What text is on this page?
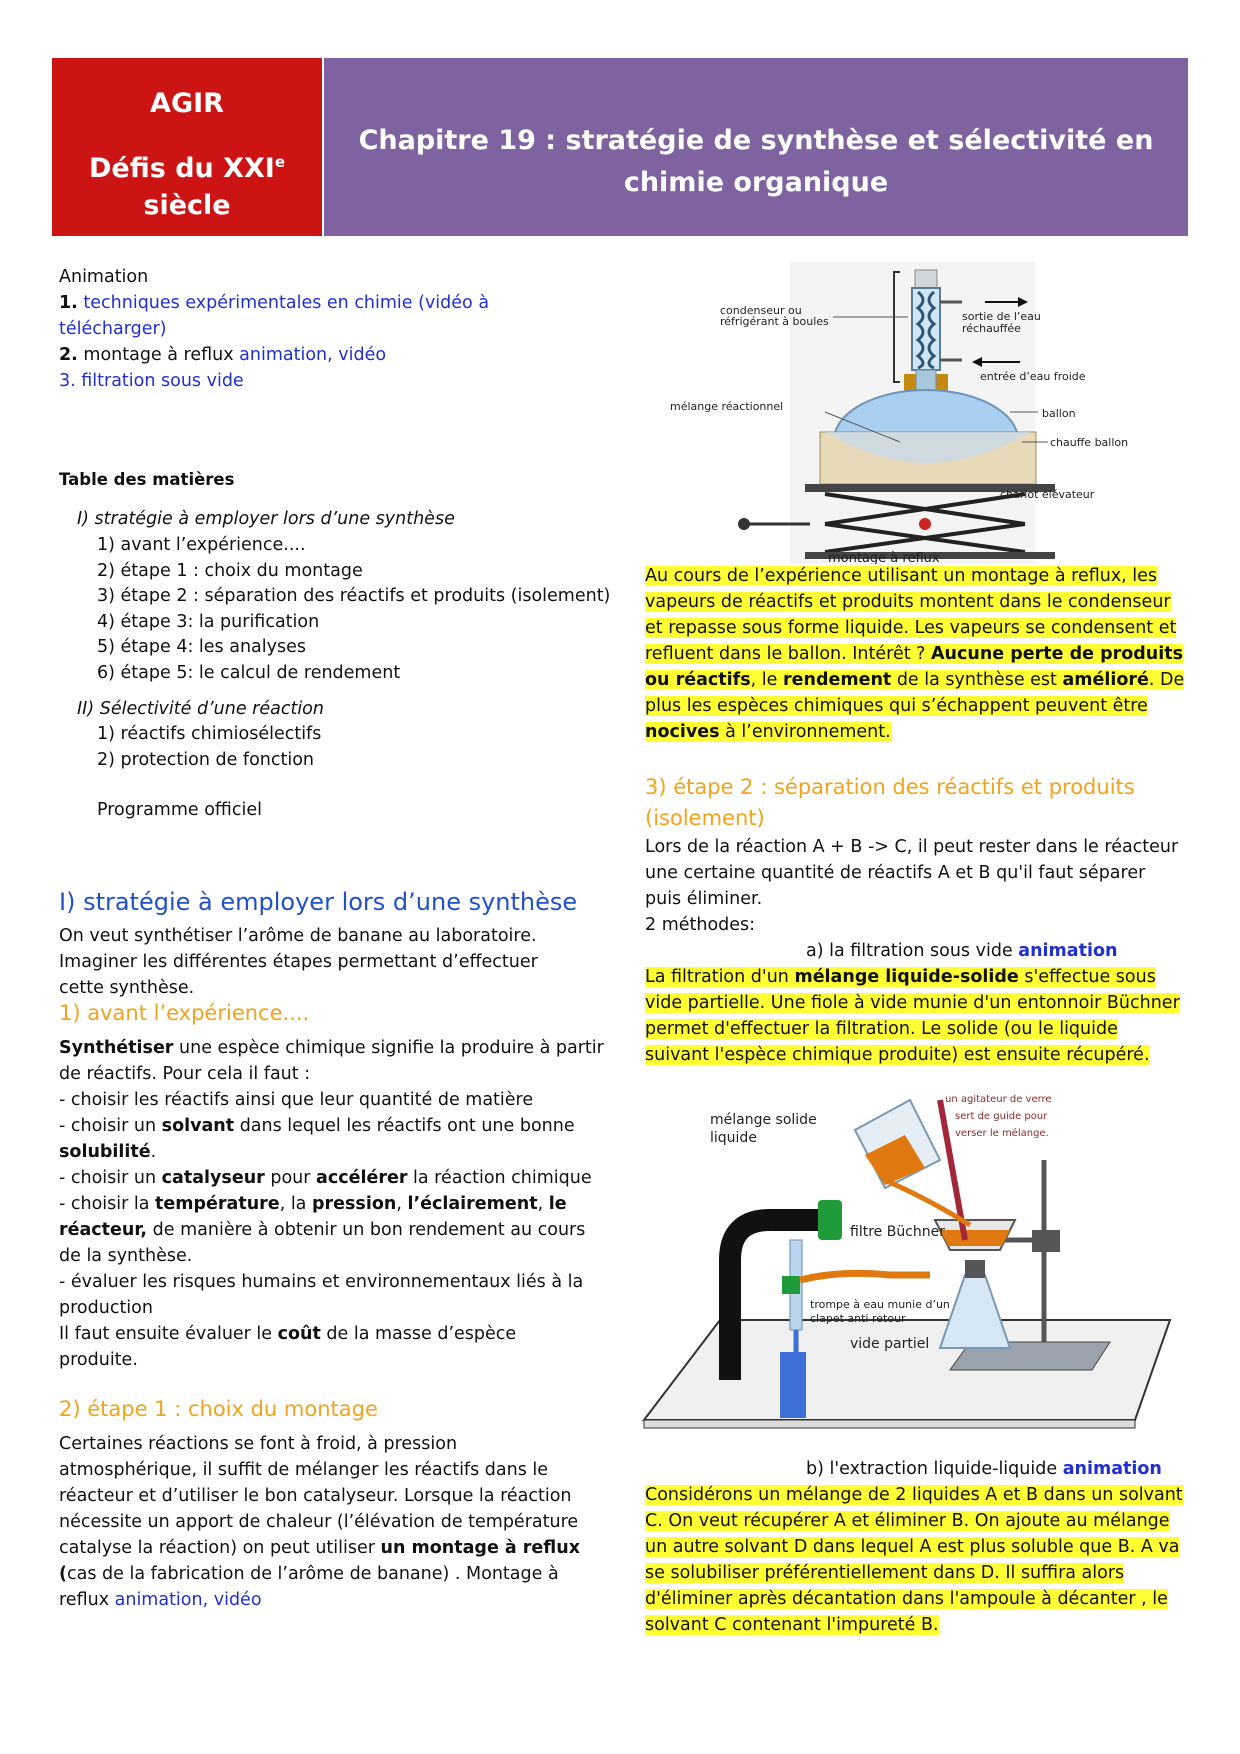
AGIR
Défis du XXIe
siècle
Chapitre 19 : stratégie de synthèse et sélectivité en
chimie organique
Animation
1. techniques expérimentales en chimie (vidéo à
télécharger)
2. montage à reflux animation, vidéo
3. filtration sous vide
Table des matières
I) stratégie à employer lors d’une synthèse
1) avant l’expérience....
2) étape 1 : choix du montage
3) étape 2 : séparation des réactifs et produits (isolement)
4) étape 3: la purification
5) étape 4: les analyses
6) étape 5: le calcul de rendement
II) Sélectivité d’une réaction
1) réactifs chimiosélectifs
2) protection de fonction
Programme officiel
I) stratégie à employer lors d’une synthèse
On veut synthétiser l’arôme de banane au laboratoire.
Imaginer les différentes étapes permettant d’effectuer
cette synthèse.
1) avant l’expérience....
Synthétiser une espèce chimique signifie la produire à partir
de réactifs. Pour cela il faut :
- choisir les réactifs ainsi que leur quantité de matière
- choisir un solvant dans lequel les réactifs ont une bonne
solubilité.
- choisir un catalyseur pour accélérer la réaction chimique
- choisir la température, la pression, l’éclairement, le
réacteur, de manière à obtenir un bon rendement au cours
de la synthèse.
- évaluer les risques humains et environnementaux liés à la
production
Il faut ensuite évaluer le coût de la masse d’espèce
produite.
2) étape 1 : choix du montage
Certaines réactions se font à froid, à pression
atmosphérique, il suffit de mélanger les réactifs dans le
réacteur et d’utiliser le bon catalyseur. Lorsque la réaction
nécessite un apport de chaleur (l’élévation de température
catalyse la réaction) on peut utiliser un montage à reflux
(cas de la fabrication de l’arôme de banane) . Montage à
reflux animation, vidéo
condenseur ou
réfrigérant à boules	sortie de l’eau
réchauffée
entrée d’eau froide
mélange réactionnel
ballon
chauffe ballon
chariot élévateur
montage à reflux
Au cours de l’expérience utilisant un montage à reflux, les
vapeurs de réactifs et produits montent dans le condenseur
et repasse sous forme liquide. Les vapeurs se condensent et
refluent dans le ballon. Intérêt ? Aucune perte de produits
ou réactifs, le rendement de la synthèse est amélioré. De
plus les espèces chimiques qui s’échappent peuvent être
nocives à l’environnement.
3) étape 2 : séparation des réactifs et produits
(isolement)
Lors de la réaction A + B -> C, il peut rester dans le réacteur
une certaine quantité de réactifs A et B qu'il faut séparer
puis éliminer.
2 méthodes:
a) la filtration sous vide animation
La filtration d'un mélange liquide-solide s'effectue sous
vide partielle. Une fiole à vide munie d'un entonnoir Büchner
permet d'effectuer la filtration. Le solide (ou le liquide
suivant l'espèce chimique produite) est ensuite récupéré.
mélange solide
liquide
un agitateur de verre
sert de guide pour
verser le mélange.
filtre Büchner
trompe à eau munie d’un
clapet anti retour
vide partiel
b) l'extraction liquide-liquide animation
Considérons un mélange de 2 liquides A et B dans un solvant
C. On veut récupérer A et éliminer B. On ajoute au mélange
un autre solvant D dans lequel A est plus soluble que B. A va
se solubiliser préférentiellement dans D. Il suffira alors
d'éliminer après décantation dans l'ampoule à décanter , le
solvant C contenant l'impureté B.
